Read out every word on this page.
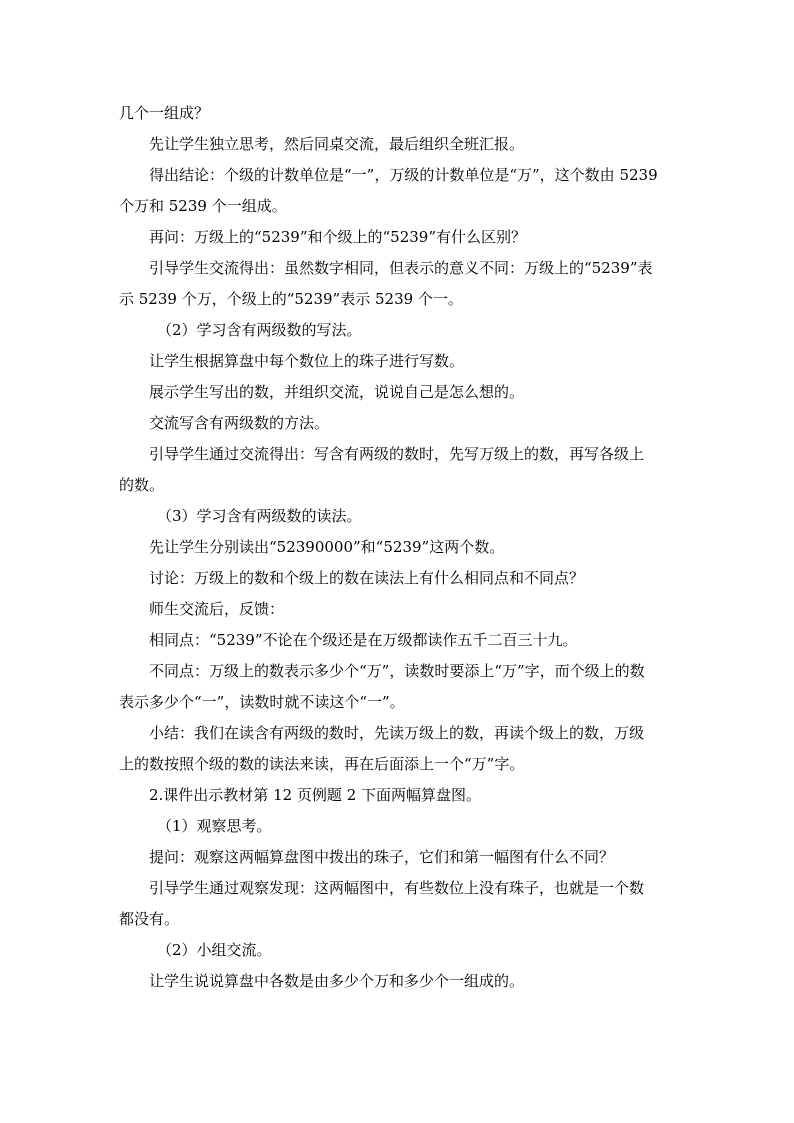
几个一组成？
先让学生独立思考，然后同桌交流，最后组织全班汇报。
得出结论：个级的计数单位是“一”，万级的计数单位是“万”，这个数由 5239
个万和 5239 个一组成。
再问：万级上的“5239”和个级上的“5239”有什么区别？
引导学生交流得出：虽然数字相同，但表示的意义不同：万级上的“5239”表
示 5239 个万，个级上的“5239”表示 5239 个一。
（2）学习含有两级数的写法。
让学生根据算盘中每个数位上的珠子进行写数。
展示学生写出的数，并组织交流，说说自己是怎么想的。
交流写含有两级数的方法。
引导学生通过交流得出：写含有两级的数时，先写万级上的数，再写各级上
的数。
（3）学习含有两级数的读法。
先让学生分别读出“52390000”和“5239”这两个数。
讨论：万级上的数和个级上的数在读法上有什么相同点和不同点？
师生交流后，反馈：
相同点：“5239”不论在个级还是在万级都读作五千二百三十九。
不同点：万级上的数表示多少个“万”，读数时要添上“万”字，而个级上的数
表示多少个“一”，读数时就不读这个“一”。
小结：我们在读含有两级的数时，先读万级上的数，再读个级上的数，万级
上的数按照个级的数的读法来读，再在后面添上一个“万”字。
2.课件出示教材第 12 页例题 2 下面两幅算盘图。
（1）观察思考。
提问：观察这两幅算盘图中拨出的珠子，它们和第一幅图有什么不同？
引导学生通过观察发现：这两幅图中，有些数位上没有珠子，也就是一个数
都没有。
（2）小组交流。
让学生说说算盘中各数是由多少个万和多少个一组成的。
